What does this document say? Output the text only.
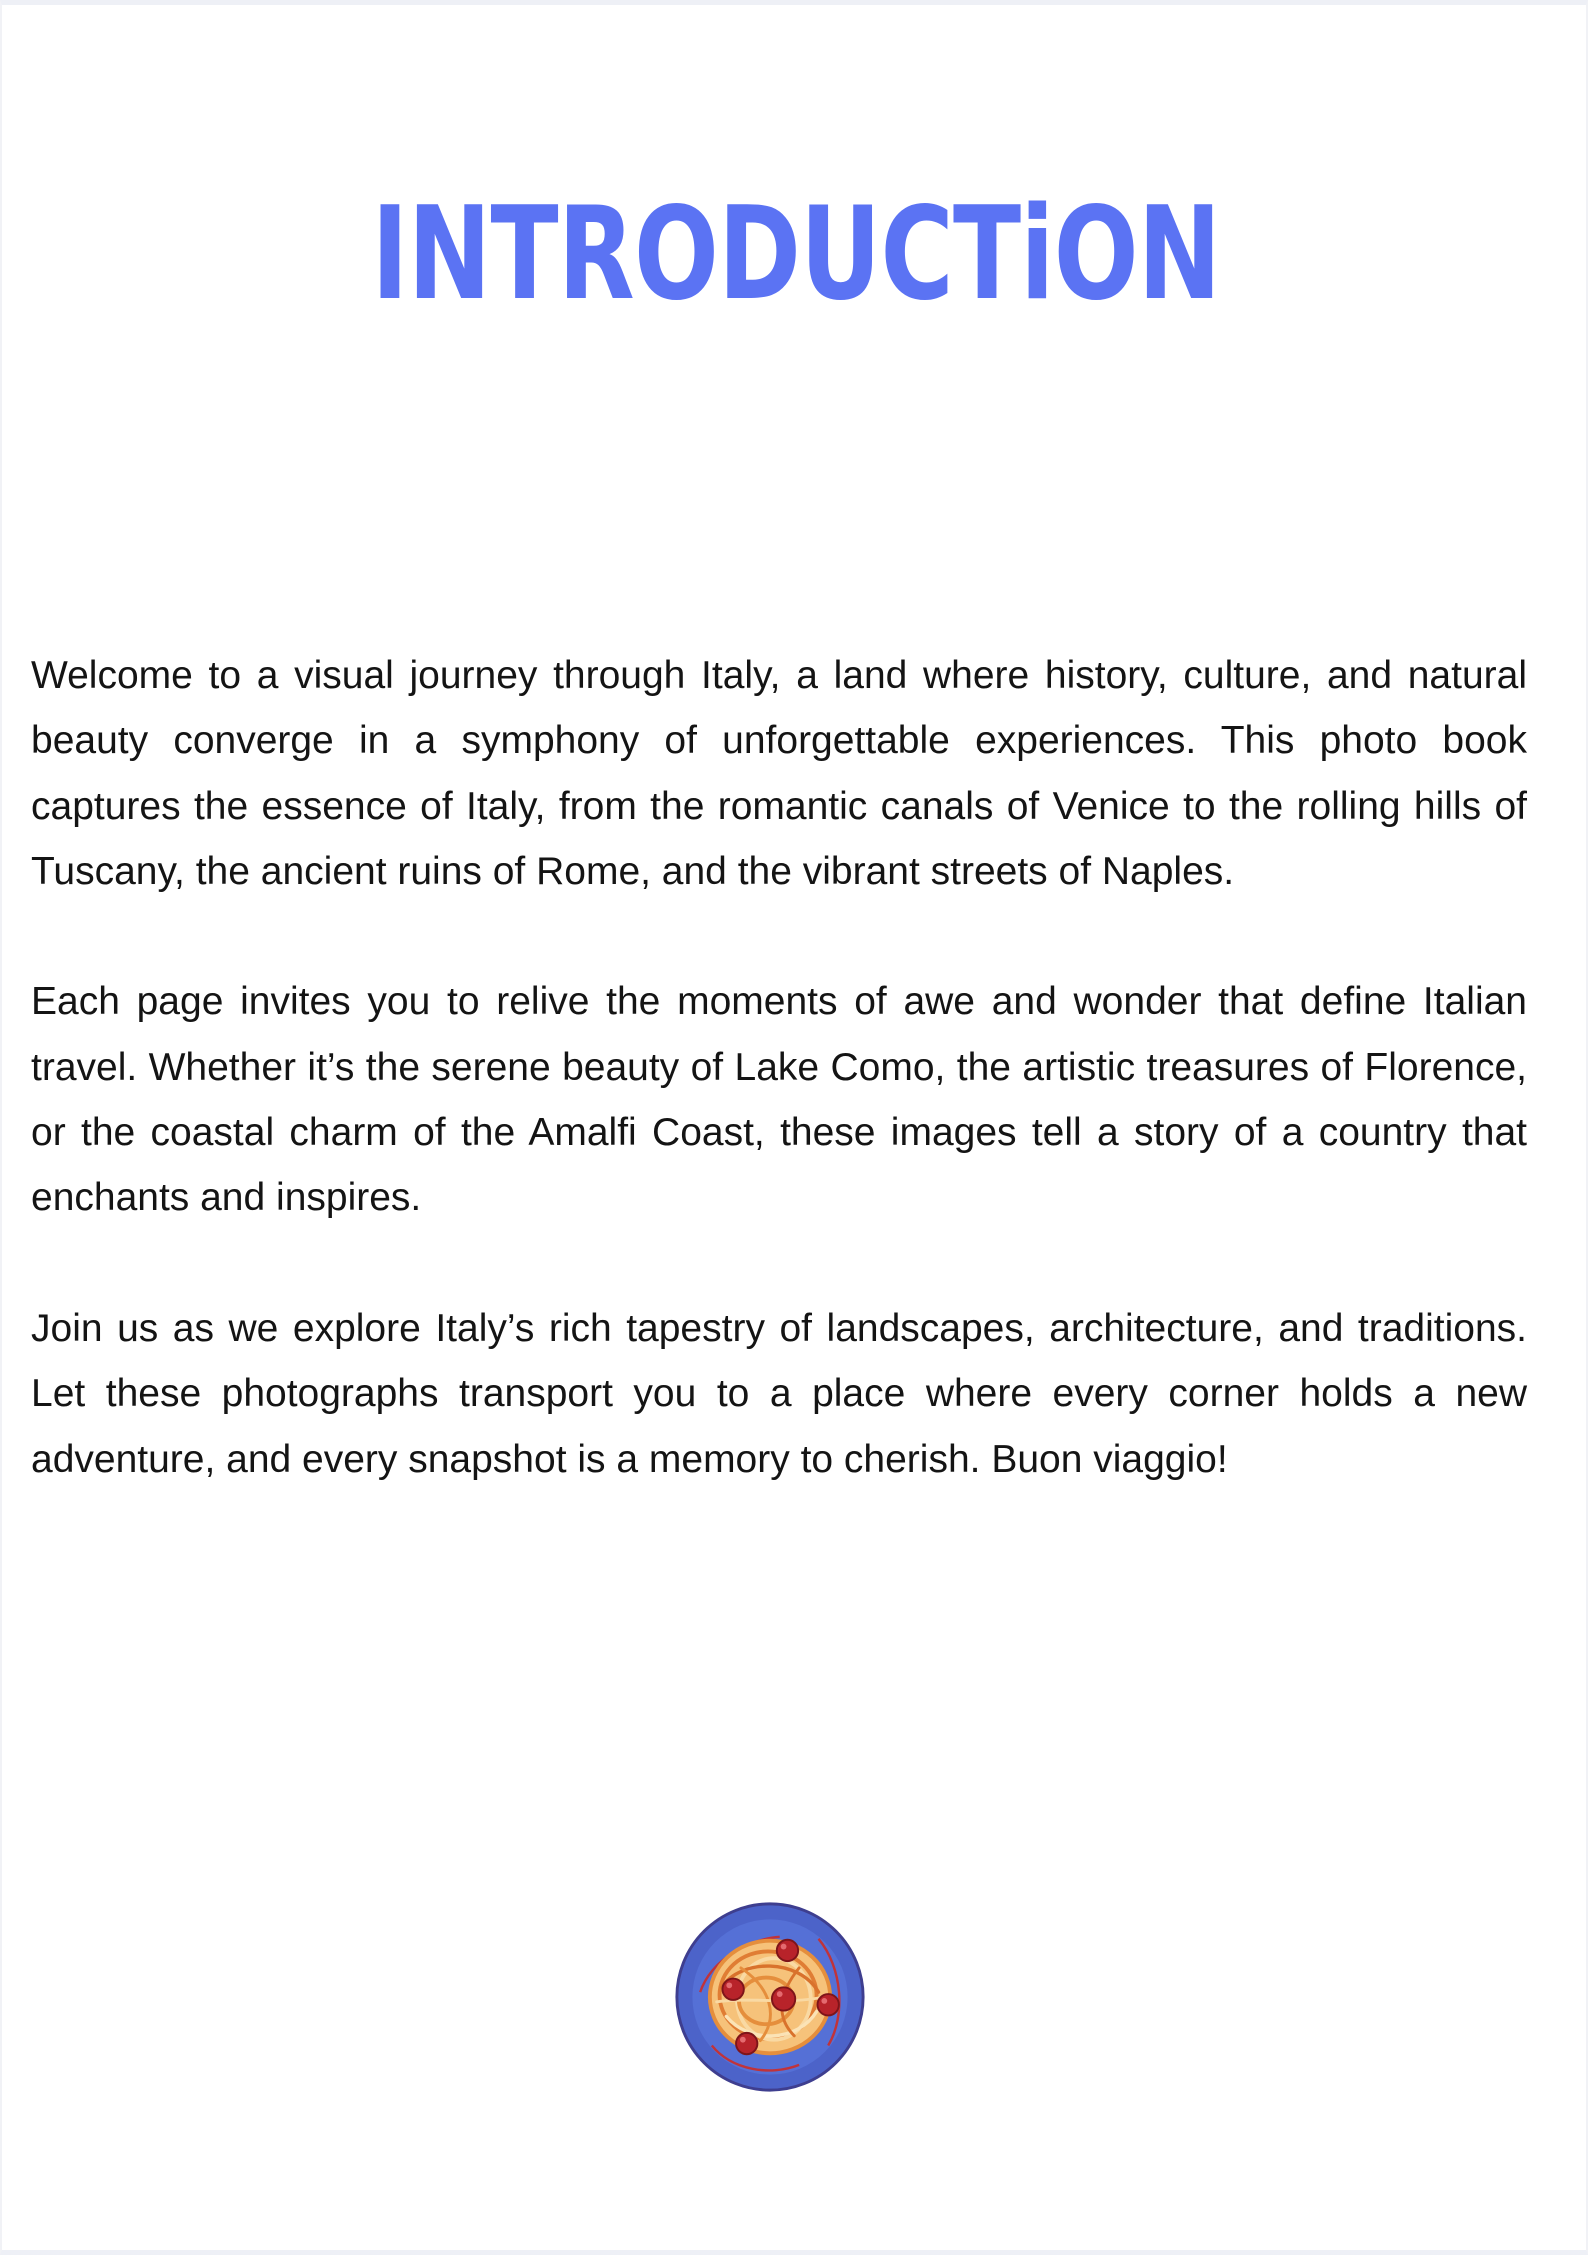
INTRODUCTiON

Welcome to a visual journey through Italy, a land where history, culture, and natural beauty converge in a symphony of unforgettable experiences. This photo book captures the essence of Italy, from the romantic canals of Venice to the rolling hills of Tuscany, the ancient ruins of Rome, and the vibrant streets of Naples.

Each page invites you to relive the moments of awe and wonder that define Italian travel. Whether it’s the serene beauty of Lake Como, the artistic treasures of Florence, or the coastal charm of the Amalfi Coast, these images tell a story of a country that enchants and inspires.

Join us as we explore Italy’s rich tapestry of landscapes, architecture, and traditions. Let these photographs transport you to a place where every corner holds a new adventure, and every snapshot is a memory to cherish. Buon viaggio!
